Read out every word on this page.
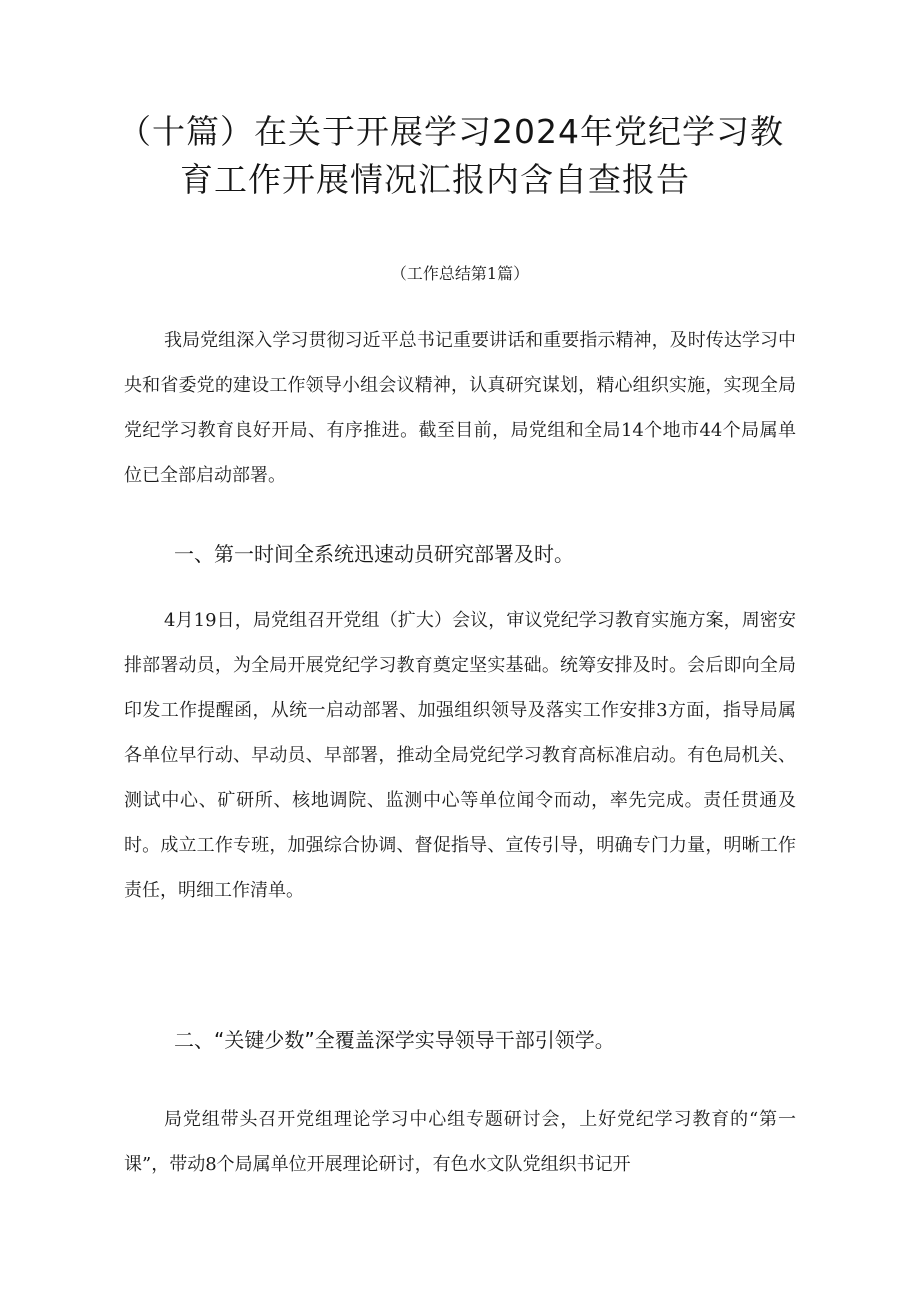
（十篇）在关于开展学习2024年党纪学习教
育工作开展情况汇报内含自查报告
（工作总结第1篇）

我局党组深入学习贯彻习近平总书记重要讲话和重要指示精神，及时传达学习中央和省委党的建设工作领导小组会议精神，认真研究谋划，精心组织实施，实现全局党纪学习教育良好开局、有序推进。截至目前，局党组和全局14个地市44个局属单位已全部启动部署。

一、第一时间全系统迅速动员研究部署及时。

4月19日，局党组召开党组（扩大）会议，审议党纪学习教育实施方案，周密安排部署动员，为全局开展党纪学习教育奠定坚实基础。统筹安排及时。会后即向全局印发工作提醒函，从统一启动部署、加强组织领导及落实工作安排3方面，指导局属各单位早行动、早动员、早部署，推动全局党纪学习教育高标准启动。有色局机关、测试中心、矿研所、核地调院、监测中心等单位闻令而动，率先完成。责任贯通及时。成立工作专班，加强综合协调、督促指导、宣传引导，明确专门力量，明晰工作责任，明细工作清单。

二、“关键少数”全覆盖深学实导领导干部引领学。

局党组带头召开党组理论学习中心组专题研讨会，上好党纪学习教育的“第一课”，带动8个局属单位开展理论研讨，有色水文队党组织书记开
